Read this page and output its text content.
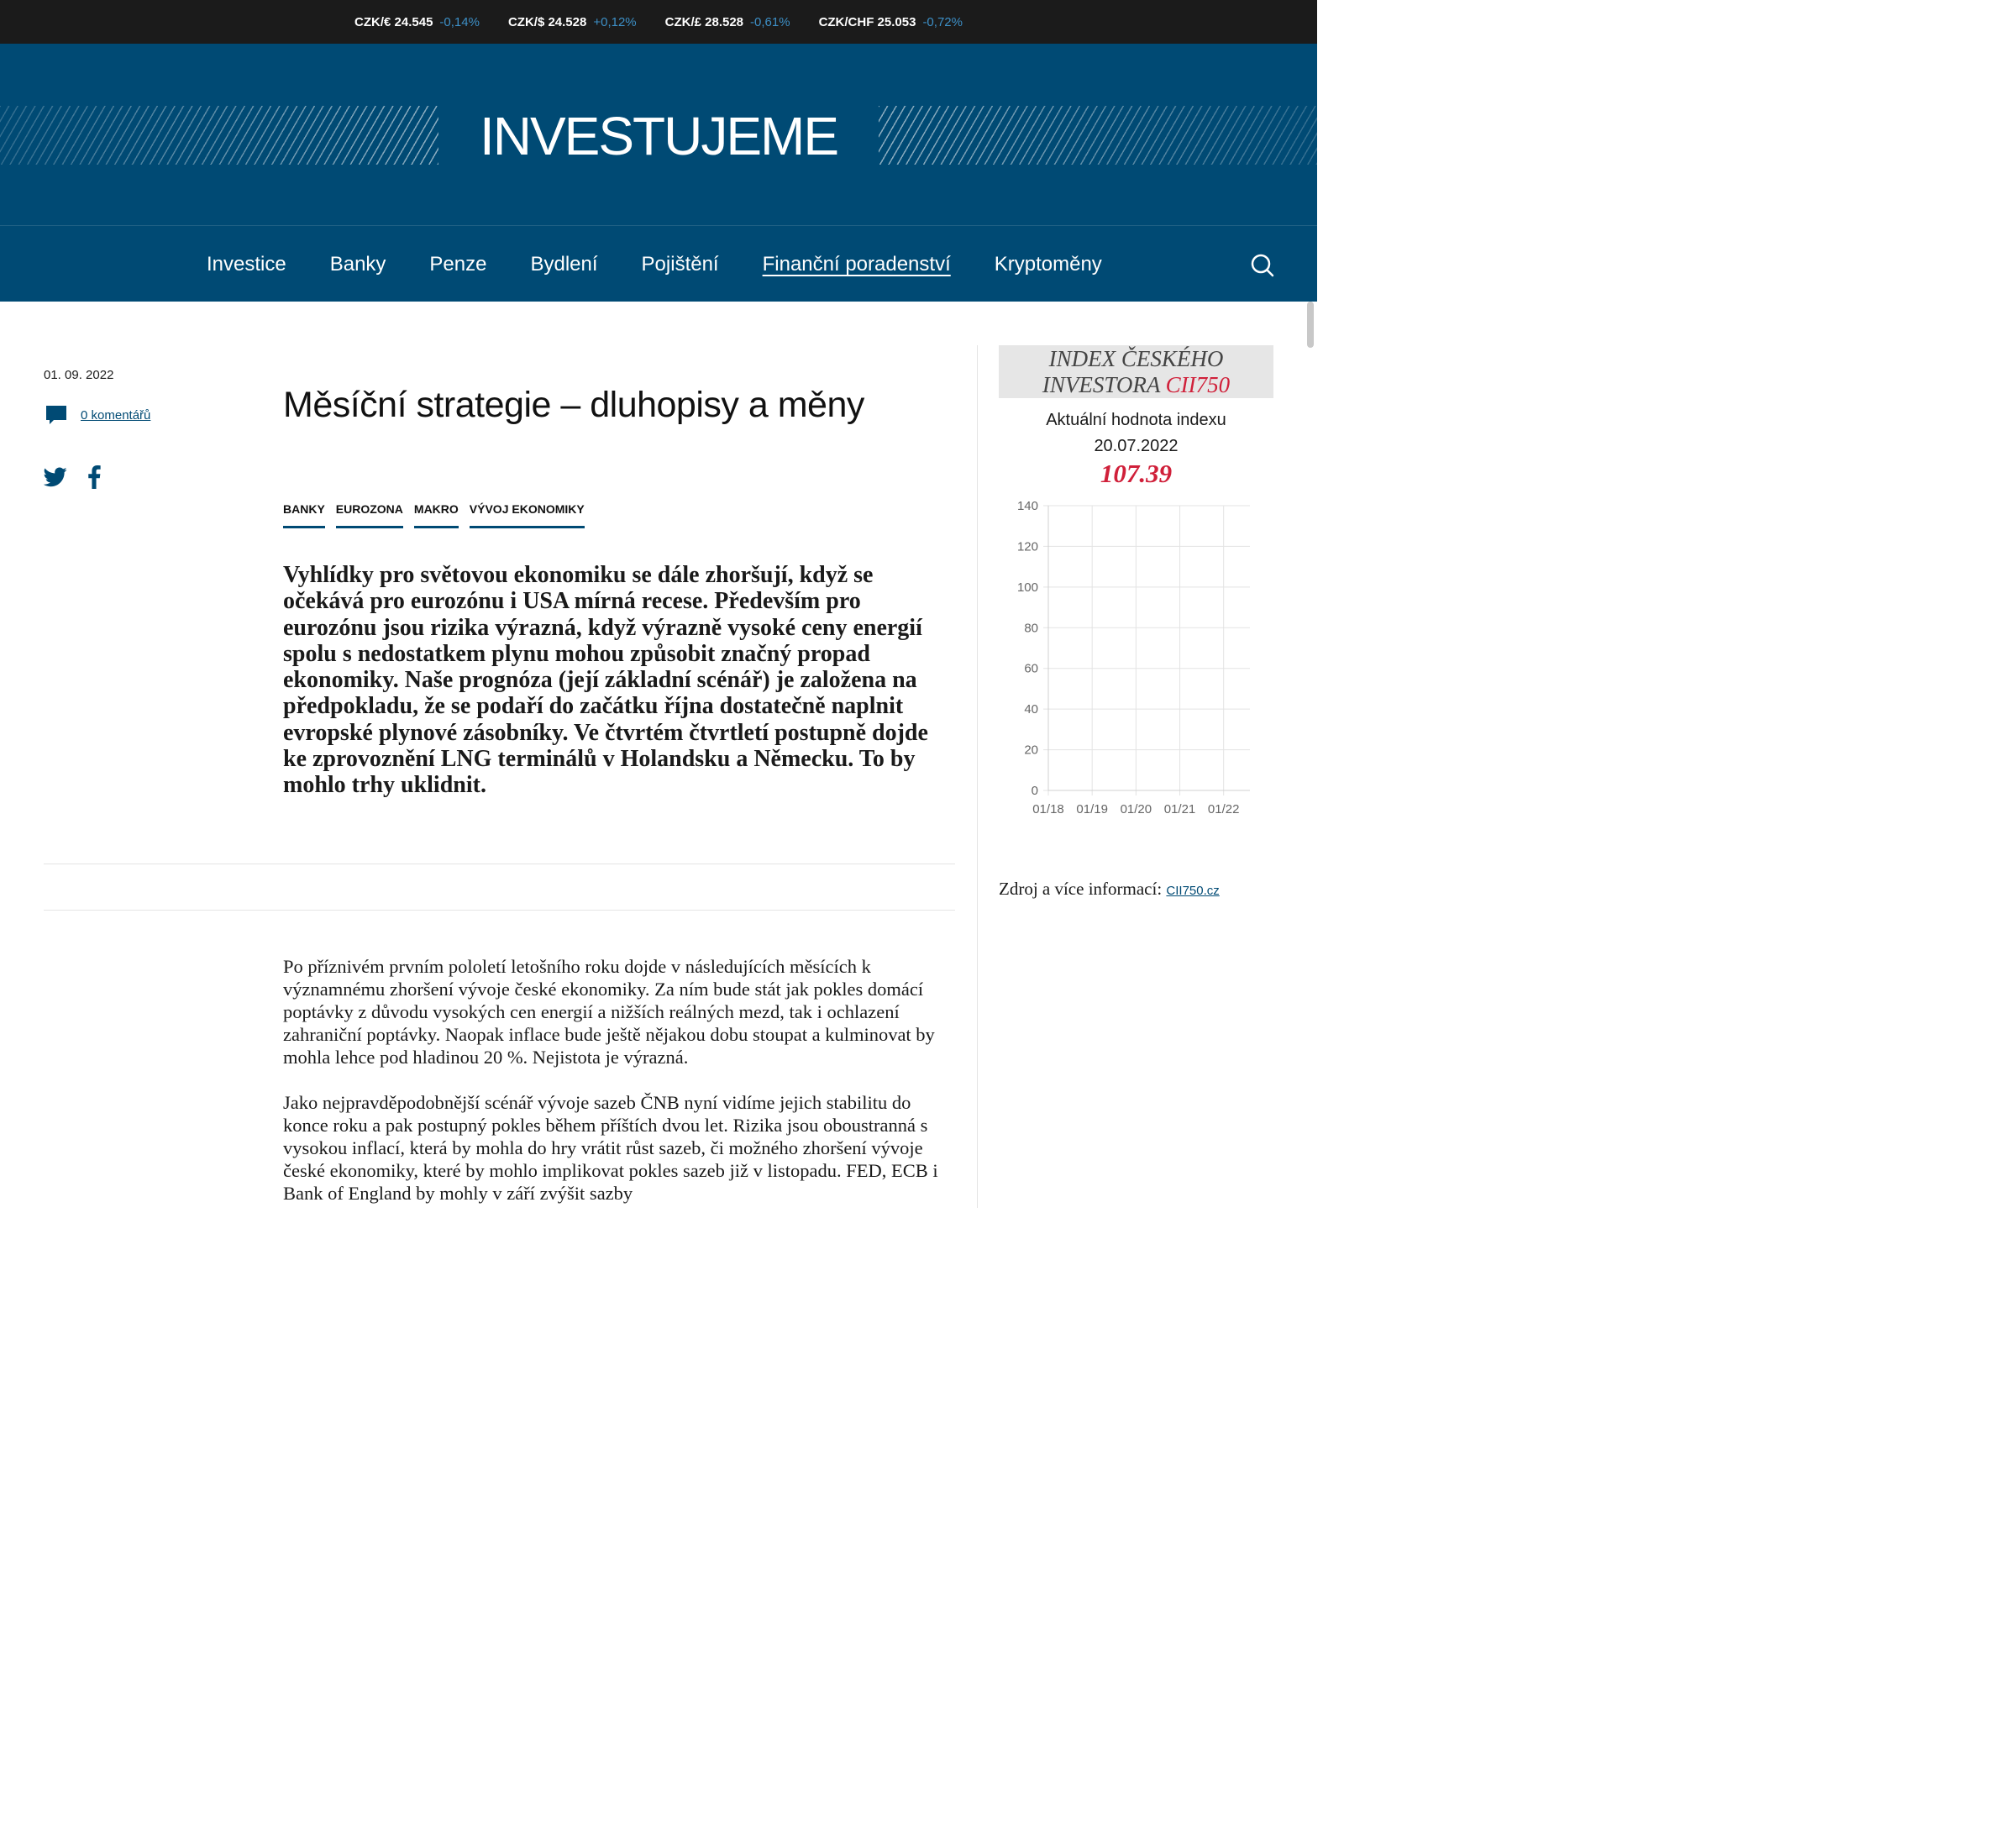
CZK/€ 24.545 -0,14% CZK/$ 24.528 +0,12% CZK/£ 28.528 -0,61% CZK/CHF 25.053 -0,72%
INVESTUJEME
Investice Banky Penze Bydlení Pojištění Finanční poradenství Kryptoměny
01. 09. 2022
0 komentářů	Měsíční strategie – dluhopisy a měny
BANKY EUROZONA MAKRO VÝVOJ EKONOMIKY

Vyhlídky pro světovou ekonomiku se dále zhoršují, když se očekává pro eurozónu i USA mírná recese. Především pro eurozónu jsou rizika výrazná, když výrazně vysoké ceny energií spolu s nedostatkem plynu mohou způsobit značný propad ekonomiky. Naše prognóza (její základní scénář) je založena na předpokladu, že se podaří do začátku října dostatečně naplnit evropské plynové zásobníky. Ve čtvrtém čtvrtletí postupně dojde ke zprovoznění LNG terminálů v Holandsku a Německu. To by mohlo trhy uklidnit.

Po příznivém prvním pololetí letošního roku dojde v následujících měsících k významnému zhoršení vývoje české ekonomiky. Za ním bude stát jak pokles domácí poptávky z důvodu vysokých cen energií a nižších reálných mezd, tak i ochlazení zahraniční poptávky. Naopak inflace bude ještě nějakou dobu stoupat a kulminovat by mohla lehce pod hladinou 20 %. Nejistota je výrazná.

Jako nejpravděpodobnější scénář vývoje sazeb ČNB nyní vidíme jejich stabilitu do konce roku a pak postupný pokles během příštích dvou let. Rizika jsou oboustranná s vysokou inflací, která by mohla do hry vrátit růst sazeb, či možného zhoršení vývoje české ekonomiky, které by mohlo implikovat pokles sazeb již v listopadu. FED, ECB i Bank of England by mohly v září zvýšit sazby

INDEX ČESKÉHO
INVESTORA CII750
Aktuální hodnota indexu
20.07.2022
107.39
0
20
40
60
80
100
120
140
01/18 01/19 01/20 01/21 01/22
Zdroj a více informací: CII750.cz
